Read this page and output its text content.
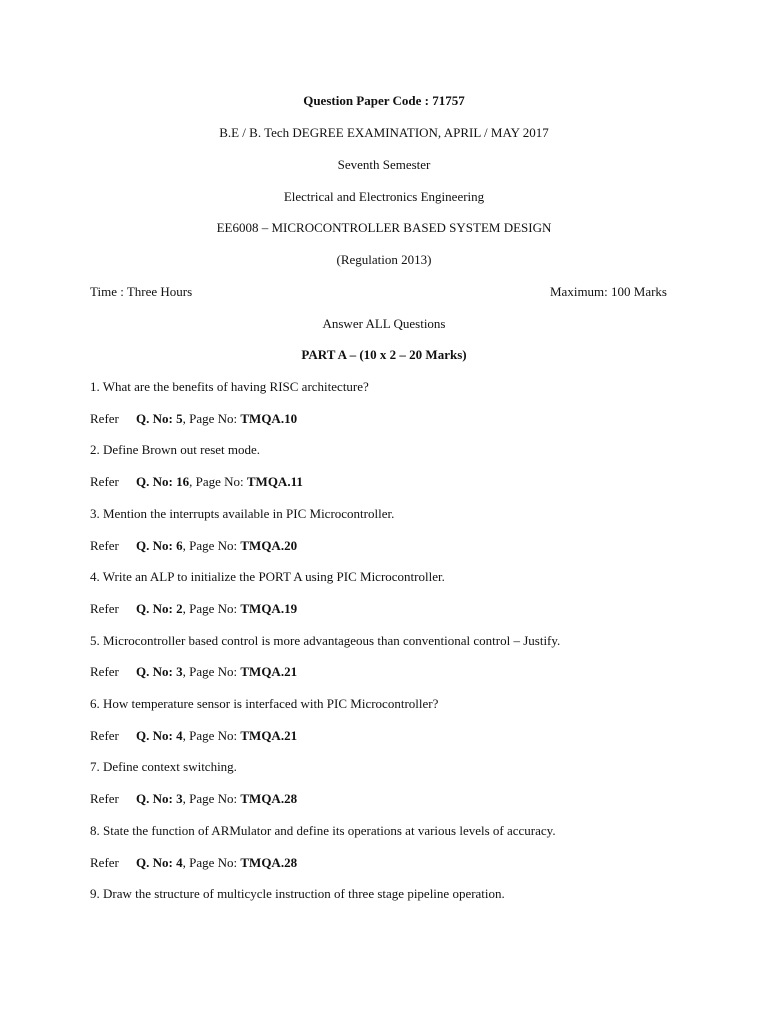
Question Paper Code : 71757
B.E / B. Tech DEGREE EXAMINATION, APRIL / MAY 2017
Seventh Semester
Electrical and Electronics Engineering
EE6008 – MICROCONTROLLER BASED SYSTEM DESIGN
(Regulation 2013)
Time : Three Hours	Maximum: 100 Marks
Answer ALL Questions
PART A – (10 x 2 – 20 Marks)
1. What are the benefits of having RISC architecture?
Refer Q. No: 5, Page No: TMQA.10
2. Define Brown out reset mode.
Refer Q. No: 16, Page No: TMQA.11
3. Mention the interrupts available in PIC Microcontroller.
Refer Q. No: 6, Page No: TMQA.20
4. Write an ALP to initialize the PORT A using PIC Microcontroller.
Refer Q. No: 2, Page No: TMQA.19
5. Microcontroller based control is more advantageous than conventional control – Justify.
Refer Q. No: 3, Page No: TMQA.21
6. How temperature sensor is interfaced with PIC Microcontroller?
Refer Q. No: 4, Page No: TMQA.21
7. Define context switching.
Refer Q. No: 3, Page No: TMQA.28
8. State the function of ARMulator and define its operations at various levels of accuracy.
Refer Q. No: 4, Page No: TMQA.28
9. Draw the structure of multicycle instruction of three stage pipeline operation.
